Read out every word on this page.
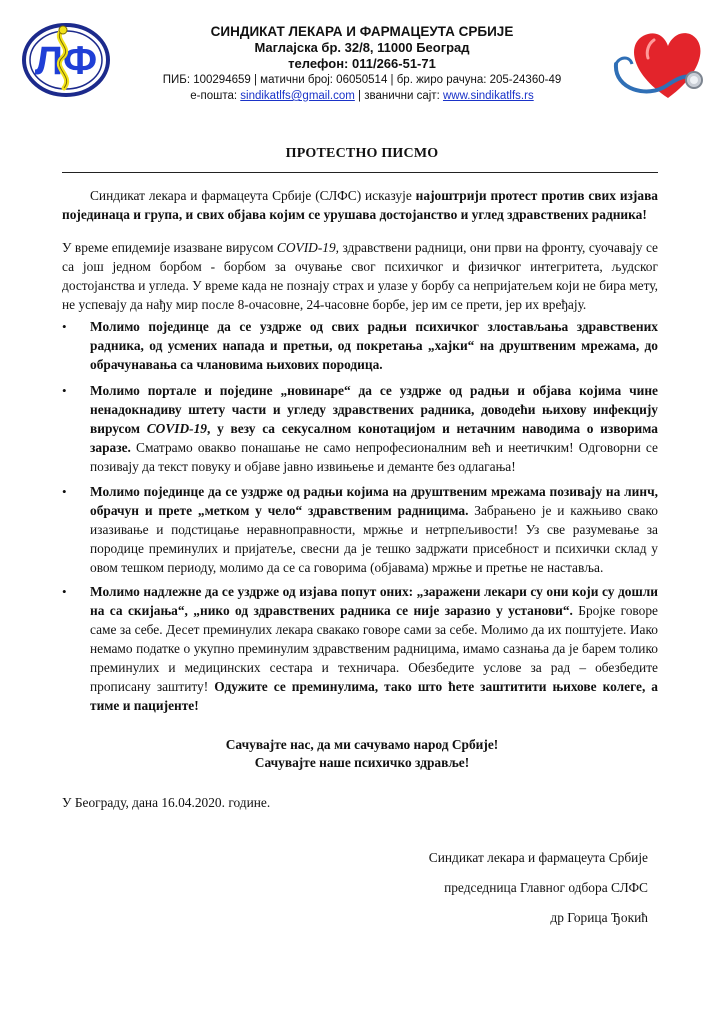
ЛФ
СИНДИКАТ ЛЕКАРА И ФАРМАЦЕУТА СРБИЈЕ
Маглајска бр. 32/8, 11000 Београд
телефон: 011/266-51-71
ПИБ: 100294659 | матични број: 06050514 | бр. жиро рачуна: 205-24360-49
е-пошта: sindikatlfs@gmail.com | званични сајт: www.sindikatlfs.rs
ПРОТЕСТНО ПИСМО

Синдикат лекара и фармацеута Србије (СЛФС) исказује најоштрији протест против свих изјава појединаца и група, и свих објава којим се урушава достојанство и углед здравствених радника!

У време епидемије изазване вирусом COVID-19, здравствени радници, они први на фронту, суочавају се са још једном борбом - борбом за очување свог психичког и физичког интегритета, људског достојанства и угледа. У време када не познају страх и улазе у борбу са непријатељем који не бира мету, не успевају да нађу мир после 8-очасовне, 24-часовне борбе, јер им се прети, јер их вређају.

• Молимо појединце да се уздрже од свих радњи психичког злостављања здравствених радника, од усмених напада и претњи, од покретања „хајки“ на друштвеним мрежама, до обрачунавања са члановима њихових породица.

• Молимо портале и појединe „новинаре“ да се уздрже од радњи и објава којима чине ненадокнадиву штету части и угледу здравствених радника, доводећи њихову инфекцију вирусом COVID-19, у везу са секусалном конотацијом и нетачним наводима о изворима заразе. Сматрамо овакво понашање не само непрофесионалним већ и неетичким! Одговорни се позивају да текст повуку и објаве јавно извињење и демантe без одлагања!

• Молимо појединце да се уздрже од радњи којима на друштвеним мрежама позивају на линч, обрачун и прете „метком у чело“ здравственим радницима. Забрањено је и кажњиво свако изазивање и подстицање неравноправности, мржње и нетрпељивости! Уз све разумевање за породице преминулих и пријатеље, свесни да је тешко задржати присебност и психички склад у овом тешком периоду, молимо да се са говорима (објавама) мржње и претње не наставља.

• Молимо надлежне да се уздрже од изјава попут оних: „заражени лекари су они који су дошли на са скијања“, „нико од здравствених радника се није заразио у установи“. Бројке говоре саме за себе. Десет преминулих лекара свакако говоре сами за себе. Молимо да их поштујете. Иако немамо податке о укупно преминулим здравственим радницима, имамо сазнања да је барем толико преминулих и медицинских сестара и техничара. Обезбедите услове за рад – обезбедите прописану заштиту! Одужите се преминулима, тако што ћете заштитити њихове колеге, а тиме и пацијенте!

Сачувајте нас, да ми сачувамо народ Србије!
Сачувајте наше психичко здравље!
У Београду, дана 16.04.2020. године.
Синдикат лекара и фармацеута Србије
председница Главног одбора СЛФС
др Горица Ђокић
